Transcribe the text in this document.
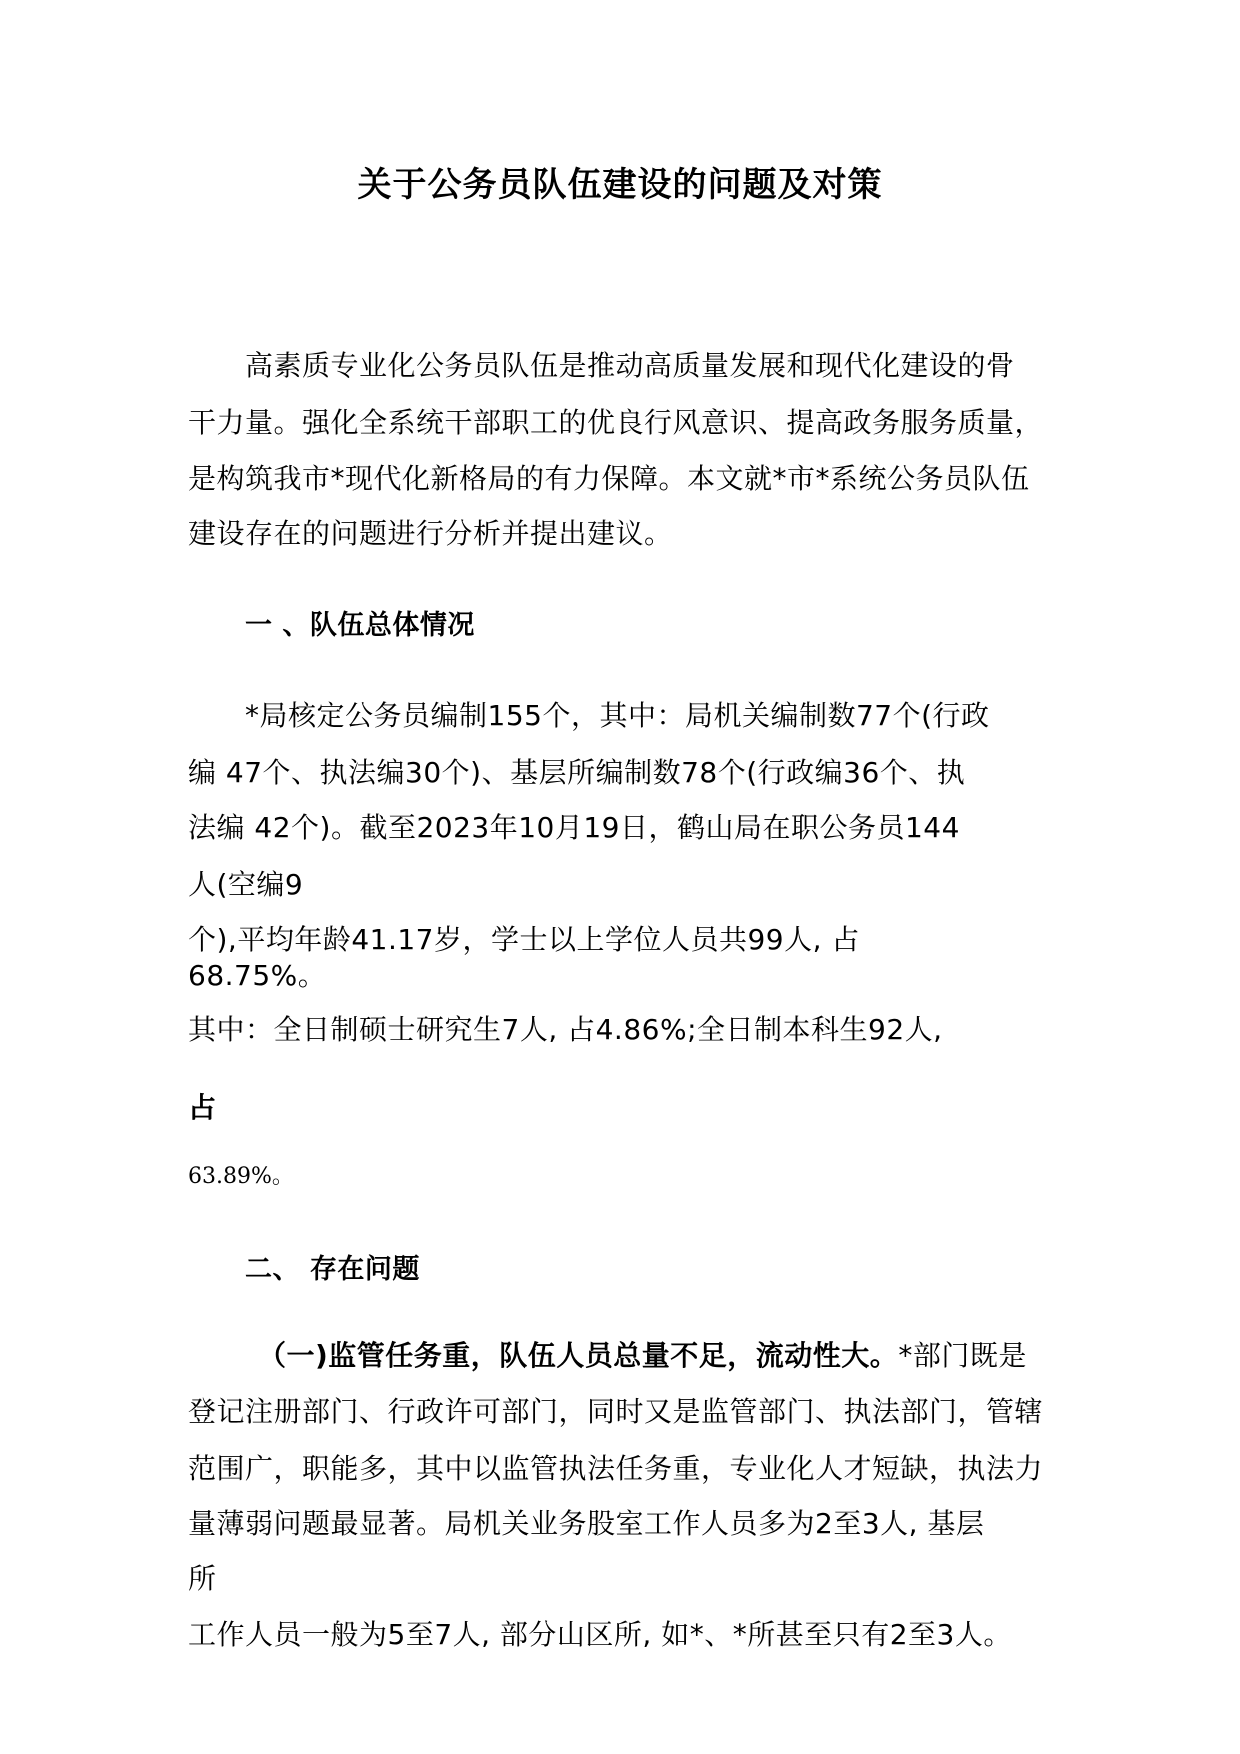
关于公务员队伍建设的问题及对策
高素质专业化公务员队伍是推动高质量发展和现代化建设的骨
干力量。强化全系统干部职工的优良行风意识、提高政务服务质量，
是构筑我市*现代化新格局的有力保障。本文就*市*系统公务员队伍
建设存在的问题进行分析并提出建议。
一 、队伍总体情况
*局核定公务员编制155个，其中：局机关编制数77个(行政
编 47个、执法编30个)、基层所编制数78个(行政编36个、执
法编 42个)。截至2023年10月19日，鹤山局在职公务员144
人(空编9
个),平均年龄41.17岁，学士以上学位人员共99人, 占
68.75%。
其中：全日制硕士研究生7人, 占4.86%;全日制本科生92人,
占
63.89%。
二、 存在问题
（一)监管任务重，队伍人员总量不足，流动性大。*部门既是
登记注册部门、行政许可部门，同时又是监管部门、执法部门，管辖
范围广，职能多，其中以监管执法任务重，专业化人才短缺，执法力
量薄弱问题最显著。局机关业务股室工作人员多为2至3人, 基层
所
工作人员一般为5至7人, 部分山区所, 如*、*所甚至只有2至3人。
